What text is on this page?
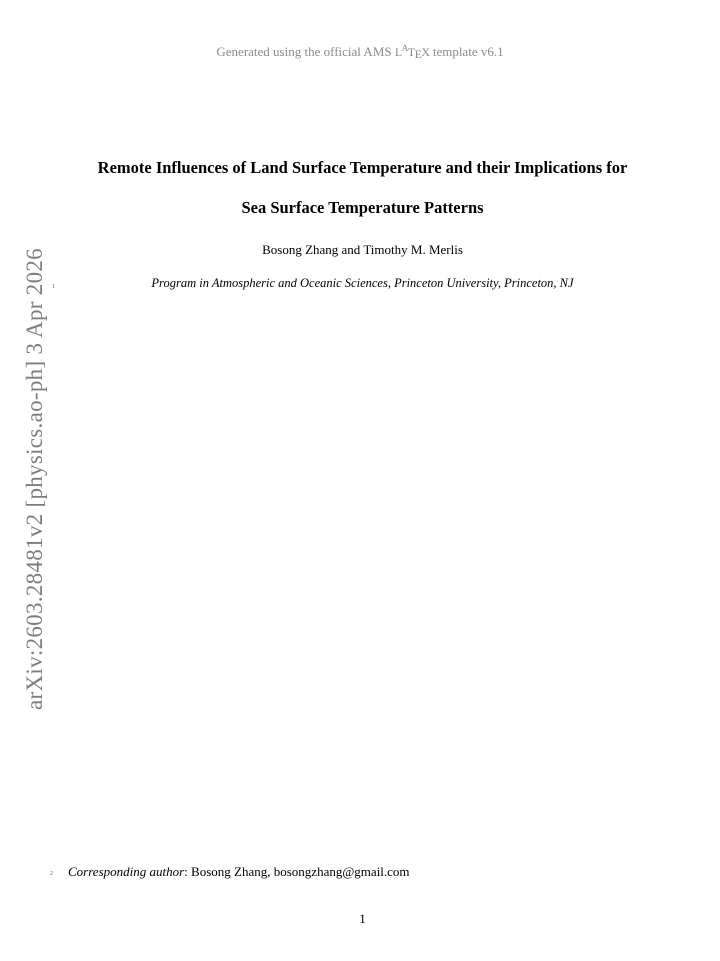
Generated using the official AMS $L^AT_EX$ template v6.1
Remote Influences of Land Surface Temperature and their Implications for
Sea Surface Temperature Patterns
Bosong Zhang and Timothy M. Merlis
1	Program in Atmospheric and Oceanic Sciences, Princeton University, Princeton, NJ
arXiv:2603.28481v2 [physics.ao-ph] 3 Apr 2026
2 Corresponding author: Bosong Zhang, bosongzhang@gmail.com
1
